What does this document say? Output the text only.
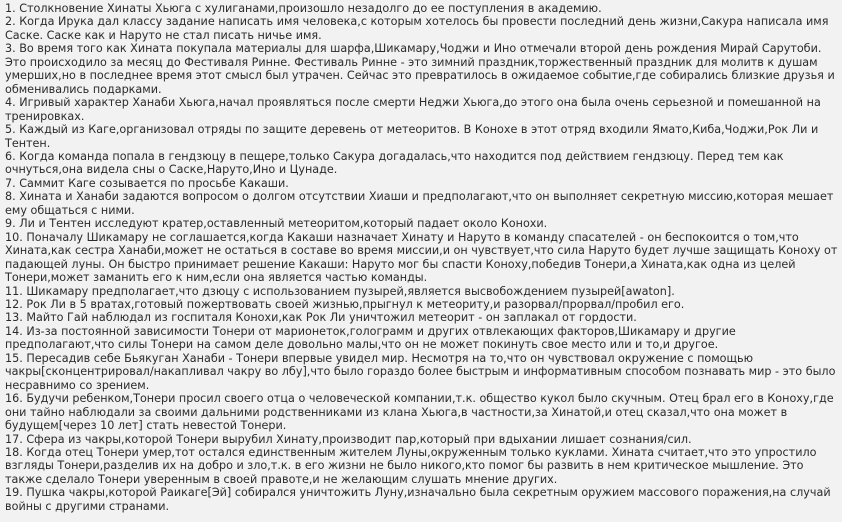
1. Столкновение Хинаты Хьюга с хулиганами,произошло незадолго до ее поступления в академию.

2. Когда Ирука дал классу задание написать имя человека,с которым хотелось бы провести последний день жизни,Сакура написала имя Саске. Саске как и Наруто не стал писать ничье имя.

3. Во время того как Хината покупала материалы для шарфа,Шикамару,Чоджи и Ино отмечали второй день рождения Мирай Сарутоби. Это происходило за месяц до Фестиваля Ринне. Фестиваль Ринне - это зимний праздник,торжественный праздник для молитв к душам умерших,но в последнее время этот смысл был утрачен. Сейчас это превратилось в ожидаемое событие,где собирались близкие друзья и обменивались подарками.

4. Игривый характер Ханаби Хьюга,начал проявляться после смерти Неджи Хьюга,до этого она была очень серьезной и помешанной на тренировках.

5. Каждый из Каге,организовал отряды по защите деревень от метеоритов. В Конохе в этот отряд входили Ямато,Киба,Чоджи,Рок Ли и Тентен.

6. Когда команда попала в гендзюцу в пещере,только Сакура догадалась,что находится под действием гендзюцу. Перед тем как очнуться,она видела сны о Саске,Наруто,Ино и Цунаде.

7. Саммит Каге созывается по просьбе Какаши.

8. Хината и Ханаби задаются вопросом о долгом отсутствии Хиаши и предполагают,что он выполняет секретную миссию,которая мешает ему общаться с ними.

9. Ли и Тентен исследуют кратер,оставленный метеоритом,который падает около Конохи.

10. Поначалу Шикамару не соглашается,когда Какаши назначает Хинату и Наруто в команду спасателей - он беспокоится о том,что Хината,как сестра Ханаби,может не остаться в составе во время миссии,и он чувствует,что сила Наруто будет лучше защищать Коноху от падающей луны. Он быстро принимает решение Какаши: Наруто мог бы спасти Коноху,победив Тонери,а Хината,как одна из целей Тонери,может заманить его к ним,если она является частью команды.

11. Шикамару предполагает,что дзюцу с использованием пузырей,является высвобождением пузырей[awaton].

12. Рок Ли в 5 вратах,готовый пожертвовать своей жизнью,прыгнул к метеориту,и разорвал/прорвал/пробил его.

13. Майто Гай наблюдал из госпиталя Конохи,как Рок Ли уничтожил метеорит - он заплакал от гордости.

14. Из-за постоянной зависимости Тонери от марионеток,голограмм и других отвлекающих факторов,Шикамару и другие предполагают,что силы Тонери на самом деле довольно малы,что он не может покинуть свое место или и то,и другое.

15. Пересадив себе Бьякуган Ханаби - Тонери впервые увидел мир. Несмотря на то,что он чувствовал окружение с помощью чакры[сконцентрировал/накапливал чакру во лбу],что было гораздо более быстрым и информативным способом познавать мир - это было несравнимо со зрением.

16. Будучи ребенком,Тонери просил своего отца о человеческой компании,т.к. общество кукол было скучным. Отец брал его в Коноху,где они тайно наблюдали за своими дальними родственниками из клана Хьюга,в частности,за Хинатой,и отец сказал,что она может в будущем[через 10 лет] стать невестой Тонери.

17. Сфера из чакры,которой Тонери вырубил Хинату,производит пар,который при вдыхании лишает сознания/сил.

18. Когда отец Тонери умер,тот остался единственным жителем Луны,окруженным только куклами. Хината считает,что это упростило взгляды Тонери,разделив их на добро и зло,т.к. в его жизни не было никого,кто помог бы развить в нем критическое мышление. Это также сделало Тонери уверенным в своей правоте,и не желающим слушать мнение других.

19. Пушка чакры,которой Раикаге[Эй] собирался уничтожить Луну,изначально была секретным оружием массового поражения,на случай войны с другими странами.
